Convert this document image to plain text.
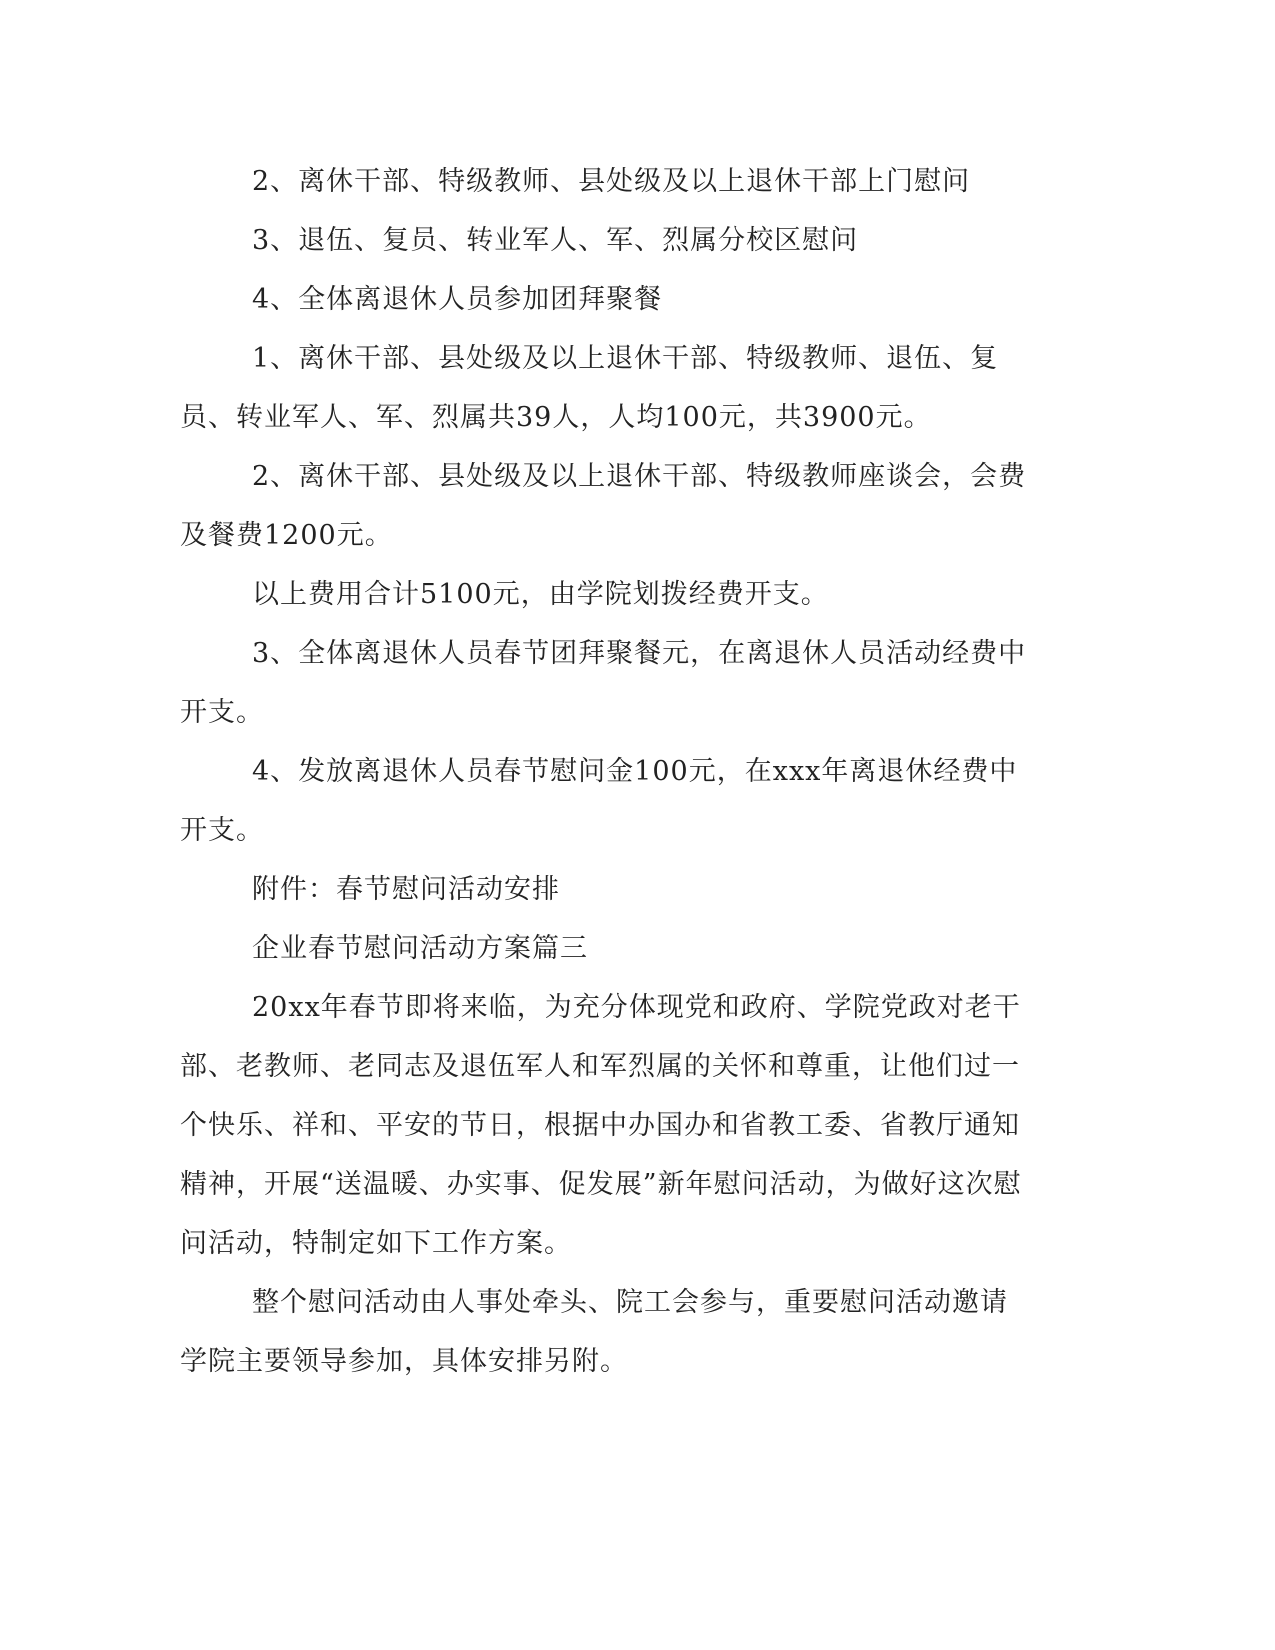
2、离休干部、特级教师、县处级及以上退休干部上门慰问

3、退伍、复员、转业军人、军、烈属分校区慰问

4、全体离退休人员参加团拜聚餐

1、离休干部、县处级及以上退休干部、特级教师、退伍、复员、转业军人、军、烈属共39人，人均100元，共3900元。

2、离休干部、县处级及以上退休干部、特级教师座谈会，会费及餐费1200元。

以上费用合计5100元，由学院划拨经费开支。

3、全体离退休人员春节团拜聚餐元，在离退休人员活动经费中开支。

4、发放离退休人员春节慰问金100元，在xxx年离退休经费中开支。

附件：春节慰问活动安排

企业春节慰问活动方案篇三

20xx年春节即将来临，为充分体现党和政府、学院党政对老干部、老教师、老同志及退伍军人和军烈属的关怀和尊重，让他们过一个快乐、祥和、平安的节日，根据中办国办和省教工委、省教厅通知精神，开展“送温暖、办实事、促发展”新年慰问活动，为做好这次慰问活动，特制定如下工作方案。

整个慰问活动由人事处牵头、院工会参与，重要慰问活动邀请学院主要领导参加，具体安排另附。
